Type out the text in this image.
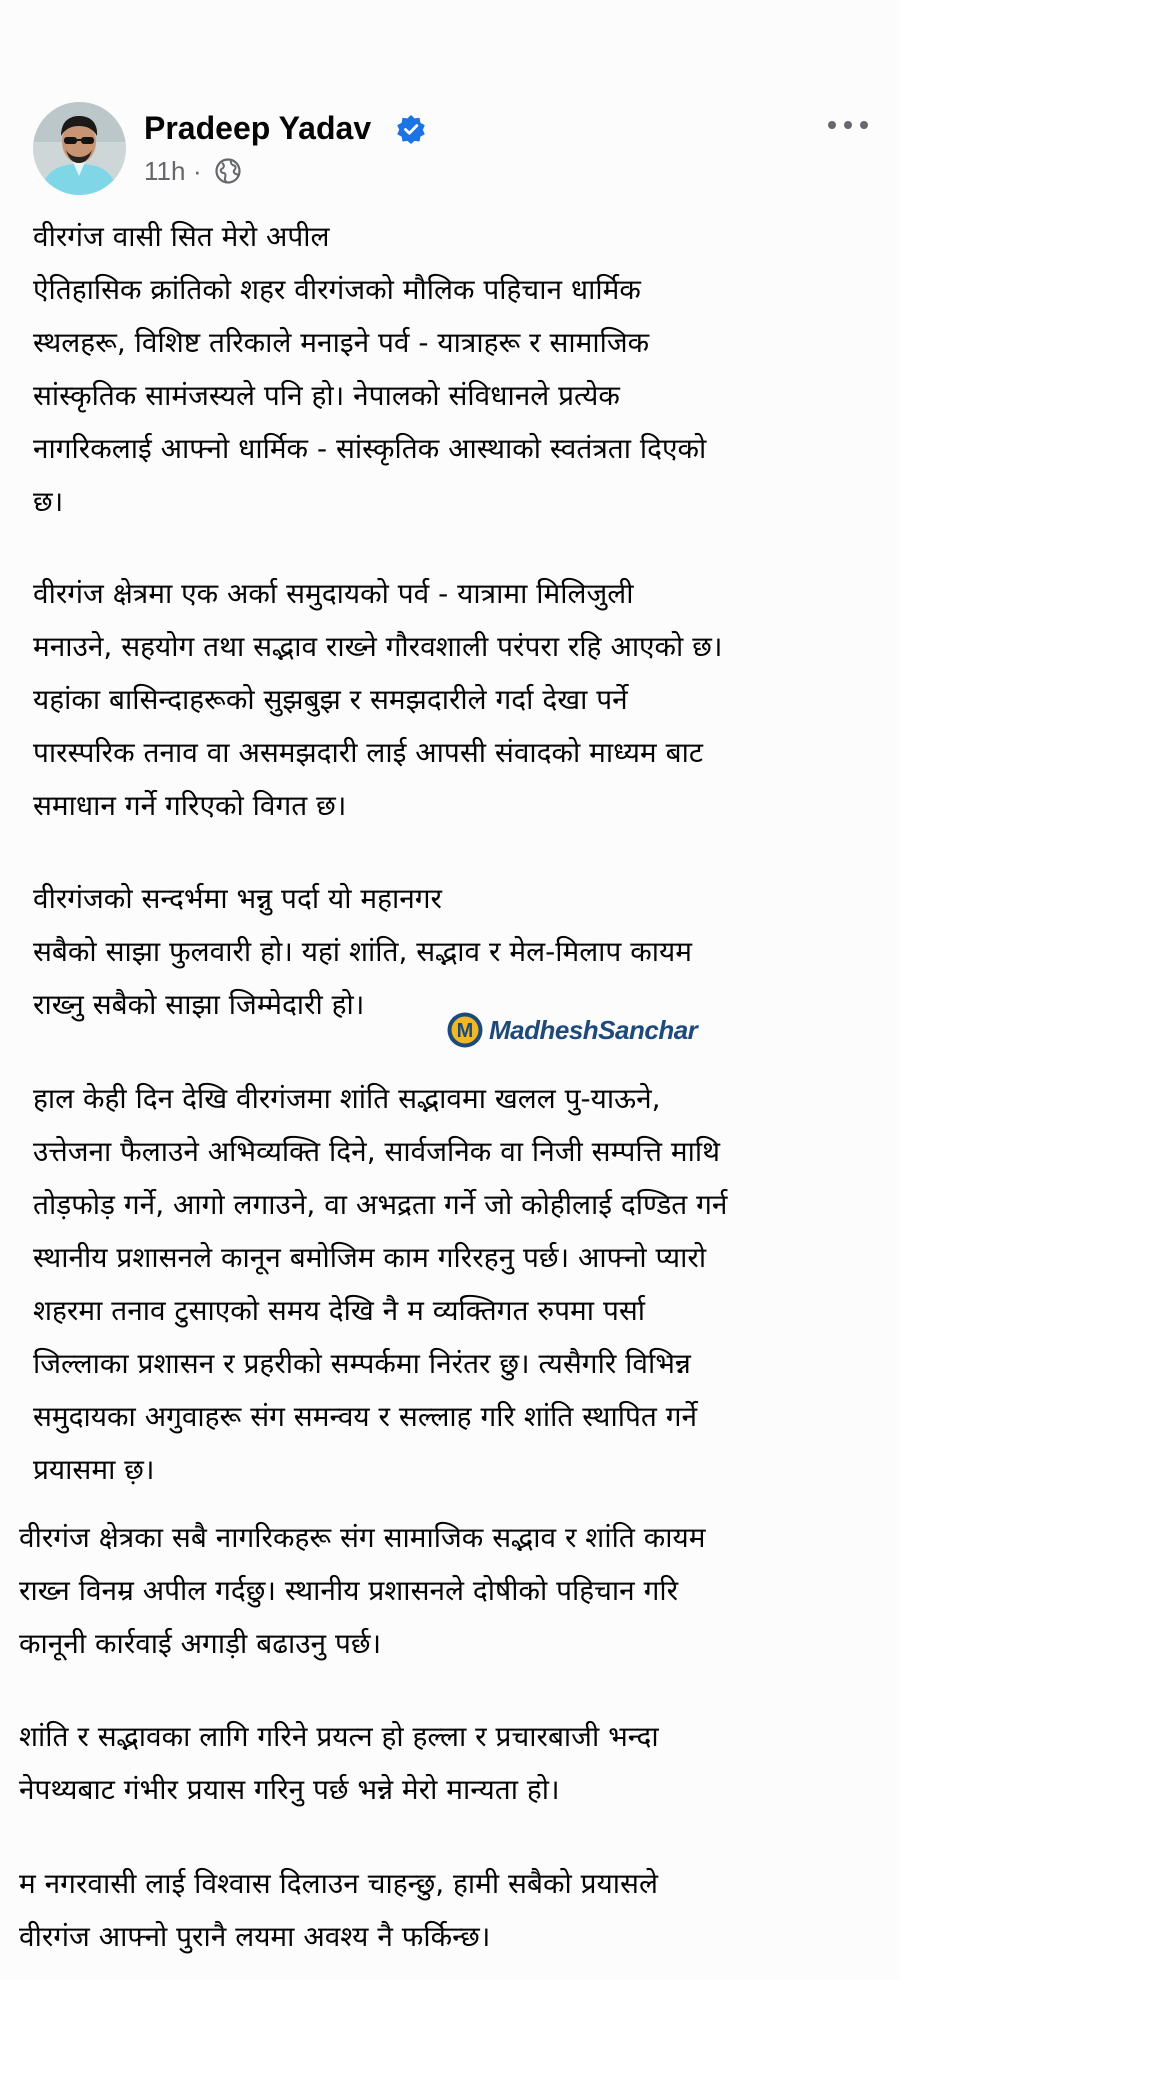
Pradeep Yadav
11h ·
वीरगंज वासी सित मेरो अपील
ऐतिहासिक क्रांतिको शहर वीरगंजको मौलिक पहिचान धार्मिक
स्थलहरू, विशिष्ट तरिकाले मनाइने पर्व - यात्राहरू र सामाजिक
सांस्कृतिक सामंजस्यले पनि हो। नेपालको संविधानले प्रत्येक
नागरिकलाई आफ्नो धार्मिक - सांस्कृतिक आस्थाको स्वतंत्रता दिएको
छ।
वीरगंज क्षेत्रमा एक अर्का समुदायको पर्व - यात्रामा मिलिजुली
मनाउने, सहयोग तथा सद्भाव राख्ने गौरवशाली परंपरा रहि आएको छ।
यहांका बासिन्दाहरूको सुझबुझ र समझदारीले गर्दा देखा पर्ने
पारस्परिक तनाव वा असमझदारी लाई आपसी संवादको माध्यम बाट
समाधान गर्ने गरिएको विगत छ।
वीरगंजको सन्दर्भमा भन्नु पर्दा यो महानगर
सबैको साझा फुलवारी हो। यहां शांति, सद्भाव र मेल-मिलाप कायम
राख्नु सबैको साझा जिम्मेदारी हो।
M MadheshSanchar
हाल केही दिन देखि वीरगंजमा शांति सद्भावमा खलल पु-याऊने,
उत्तेजना फैलाउने अभिव्यक्ति दिने, सार्वजनिक वा निजी सम्पत्ति माथि
तोड़फोड़ गर्ने, आगो लगाउने, वा अभद्रता गर्ने जो कोहीलाई दण्डित गर्न
स्थानीय प्रशासनले कानून बमोजिम काम गरिरहनु पर्छ। आफ्नो प्यारो
शहरमा तनाव टुसाएको समय देखि नै म व्यक्तिगत रुपमा पर्सा
जिल्लाका प्रशासन र प्रहरीको सम्पर्कमा निरंतर छु। त्यसैगरि विभिन्न
समुदायका अगुवाहरू संग समन्वय र सल्लाह गरि शांति स्थापित गर्ने
प्रयासमा छ़।
वीरगंज क्षेत्रका सबै नागरिकहरू संग सामाजिक सद्भाव र शांति कायम
राख्न विनम्र अपील गर्दछु। स्थानीय प्रशासनले दोषीको पहिचान गरि
कानूनी कार्रवाई अगाड़ी बढाउनु पर्छ।
शांति र सद्भावका लागि गरिने प्रयत्न हो हल्ला र प्रचारबाजी भन्दा
नेपथ्यबाट गंभीर प्रयास गरिनु पर्छ भन्ने मेरो मान्यता हो।
म नगरवासी लाई विश्वास दिलाउन चाहन्छु, हामी सबैको प्रयासले
वीरगंज आफ्नो पुरानै लयमा अवश्य नै फर्किन्छ।
